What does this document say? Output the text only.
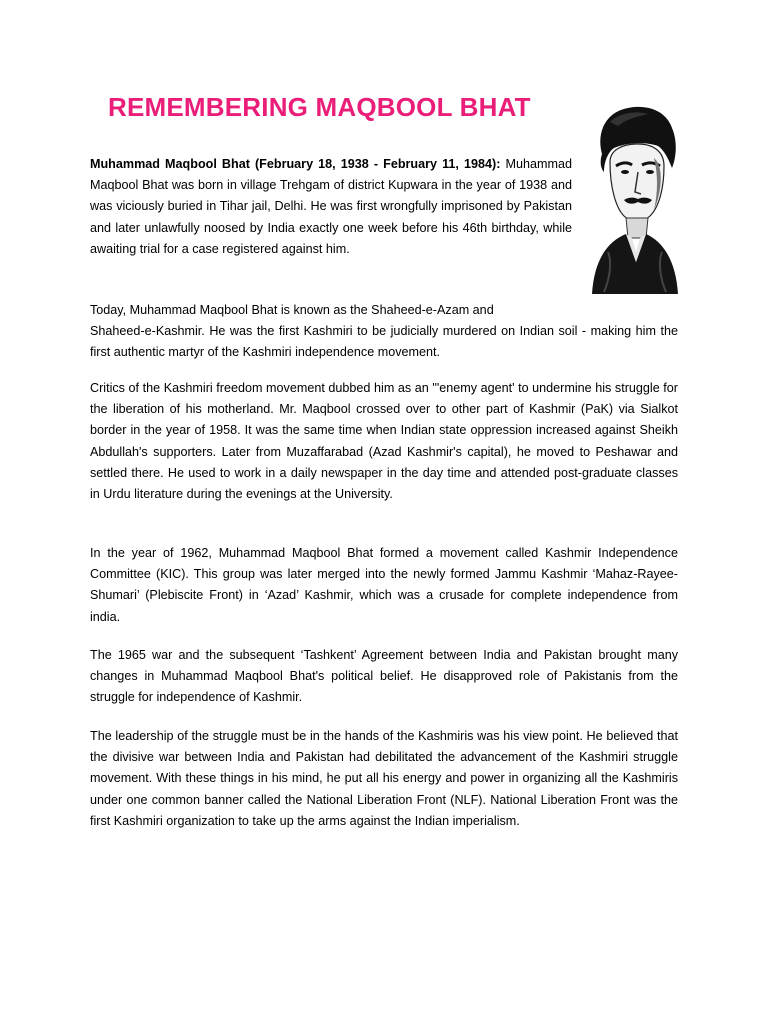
REMEMBERING MAQBOOL BHAT

Muhammad Maqbool Bhat (February 18, 1938 - February 11, 1984): Muhammad Maqbool Bhat was born in village Trehgam of district Kupwara in the year of 1938 and was viciously buried in Tihar jail, Delhi. He was first wrongfully imprisoned by Pakistan and later unlawfully noosed by India exactly one week before his 46th birthday, while awaiting trial for a case registered against him.

Today, Muhammad Maqbool Bhat is known as the Shaheed-e-Azam and

Shaheed-e-Kashmir. He was the first Kashmiri to be judicially murdered on Indian soil - making him the first authentic martyr of the Kashmiri independence movement.

Critics of the Kashmiri freedom movement dubbed him as an "'enemy agent' to undermine his struggle for the liberation of his motherland. Mr. Maqbool crossed over to other part of Kashmir (PaK) via Sialkot border in the year of 1958. It was the same time when Indian state oppression increased against Sheikh Abdullah's supporters. Later from Muzaffarabad (Azad Kashmir's capital), he moved to Peshawar and settled there. He used to work in a daily newspaper in the day time and attended post-graduate classes in Urdu literature during the evenings at the University.

In the year of 1962, Muhammad Maqbool Bhat formed a movement called Kashmir Independence Committee (KIC). This group was later merged into the newly formed Jammu Kashmir ‘Mahaz-Rayee-Shumari’ (Plebiscite Front) in ‘Azad’ Kashmir, which was a crusade for complete independence from india.

The 1965 war and the subsequent ‘Tashkent’ Agreement between India and Pakistan brought many changes in Muhammad Maqbool Bhat's political belief. He disapproved role of Pakistanis from the struggle for independence of Kashmir.

The leadership of the struggle must be in the hands of the Kashmiris was his view point. He believed that the divisive war between India and Pakistan had debilitated the advancement of the Kashmiri struggle movement. With these things in his mind, he put all his energy and power in organizing all the Kashmiris under one common banner called the National Liberation Front (NLF). National Liberation Front was the first Kashmiri organization to take up the arms against the Indian imperialism.
